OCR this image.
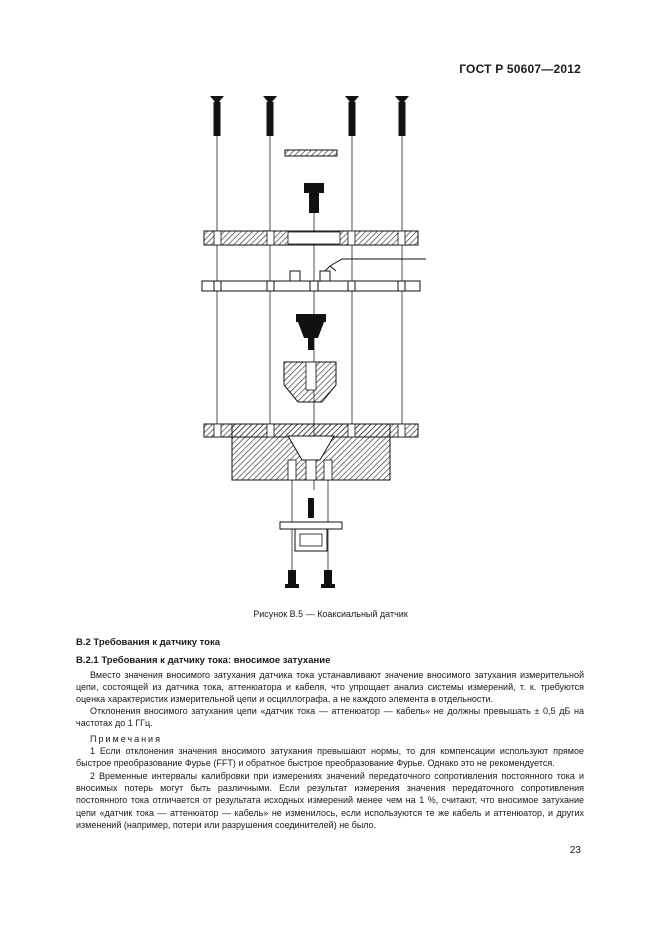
ГОСТ Р 50607—2012
Рисунок В.5 — Коаксиальный датчик
В.2 Требования к датчику тока
В.2.1 Требования к датчику тока: вносимое затухание
Вместо значения вносимого затухания датчика тока устанавливают значение вносимого затухания измерительной цепи, состоящей из датчика тока, аттенюатора и кабеля, что упрощает анализ системы измерений, т. к. требуются оценка характеристик измерительной цепи и осциллографа, а не каждого элемента в отдельности.
Отклонения вносимого затухания цепи «датчик тока — аттенюатор — кабель» не должны превышать ± 0,5 дБ на частотах до 1 ГГц.
Примечания
1 Если отклонения значения вносимого затухания превышают нормы, то для компенсации используют прямое быстрое преобразование Фурье (FFT) и обратное быстрое преобразование Фурье. Однако это не рекомендуется.
2 Временные интервалы калибровки при измерениях значений передаточного сопротивления постоянного тока и вносимых потерь могут быть различными. Если результат измерения значения передаточного сопротивления постоянного тока отличается от результата исходных измерений менее чем на 1 %, считают, что вносимое затухание цепи «датчик тока — аттенюатор — кабель» не изменилось, если используются те же кабель и аттенюатор, и других изменений (например, потери или разрушения соединителей) не было.
23
